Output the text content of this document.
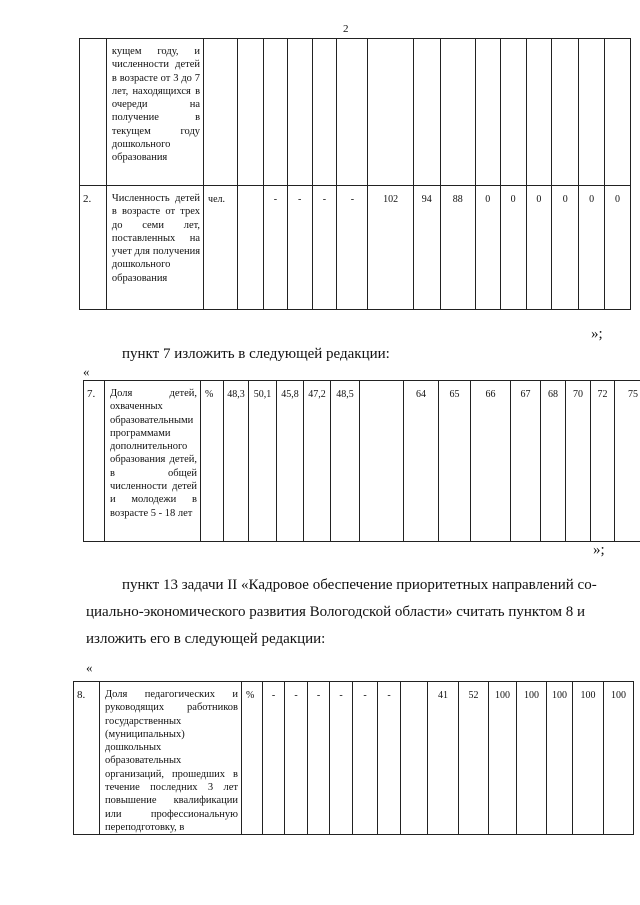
2
	кущем году, и численности детей в возрасте от 3 до 7 лет, находящихся в очереди на получение в текущем году дошкольного образования															
2.	Численность детей в возрасте от трех до семи лет, поставленных на учет для получения дошкольного образования	чел.		-	-	-	-	102	94	88	0	0	0	0	0	0
»;
пункт 7 изложить в следующей редакции:
«
7.	Доля детей, охваченных образовательными программами дополнительного образования детей, в общей численности детей и молодежи в возрасте 5 - 18 лет	%	48,3	50,1	45,8	47,2	48,5		64	65	66	67	68	70	72	75
»;
пункт 13 задачи II «Кадровое обеспечение приоритетных направлений со-
циально-экономического развития Вологодской области» считать пунктом 8 и
изложить его в следующей редакции:
«
8.	Доля педагогических и руководящих работников государственных (муниципальных) дошкольных образовательных организаций, прошедших в течение последних 3 лет повышение квалификации или профессиональную переподготовку, в	%	-	-	-	-	-	-		41	52	100	100	100	100	100
